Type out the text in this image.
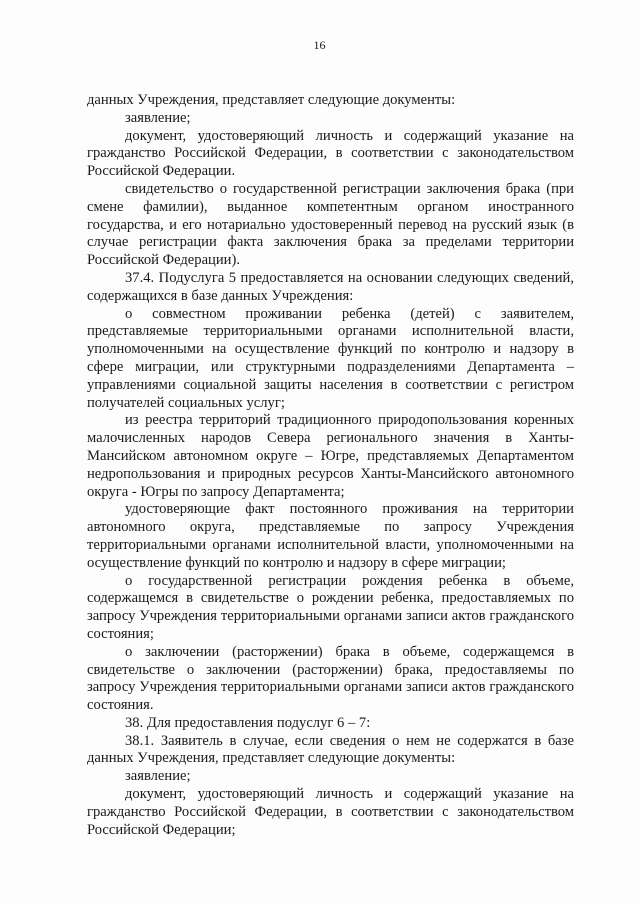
16

данных Учреждения, представляет следующие документы:

заявление;

документ, удостоверяющий личность и содержащий указание на гражданство Российской Федерации, в соответствии с законодательством Российской Федерации.

свидетельство о государственной регистрации заключения брака (при смене фамилии), выданное компетентным органом иностранного государства, и его нотариально удостоверенный перевод на русский язык (в случае регистрации факта заключения брака за пределами территории Российской Федерации).

37.4. Подуслуга 5 предоставляется на основании следующих сведений, содержащихся в базе данных Учреждения:

о совместном проживании ребенка (детей) с заявителем, представляемые территориальными органами исполнительной власти, уполномоченными на осуществление функций по контролю и надзору в сфере миграции, или структурными подразделениями Департамента – управлениями социальной защиты населения в соответствии с регистром получателей социальных услуг;

из реестра территорий традиционного природопользования коренных малочисленных народов Севера регионального значения в Ханты-Мансийском автономном округе – Югре, представляемых Департаментом недропользования и природных ресурсов Ханты-Мансийского автономного округа - Югры по запросу Департамента;

удостоверяющие факт постоянного проживания на территории автономного округа, представляемые по запросу Учреждения территориальными органами исполнительной власти, уполномоченными на осуществление функций по контролю и надзору в сфере миграции;

о государственной регистрации рождения ребенка в объеме, содержащемся в свидетельстве о рождении ребенка, предоставляемых по запросу Учреждения территориальными органами записи актов гражданского состояния;

о заключении (расторжении) брака в объеме, содержащемся в свидетельстве о заключении (расторжении) брака, предоставляемы по запросу Учреждения территориальными органами записи актов гражданского состояния.

38. Для предоставления подуслуг 6 – 7:

38.1. Заявитель в случае, если сведения о нем не содержатся в базе данных Учреждения, представляет следующие документы:

заявление;

документ, удостоверяющий личность и содержащий указание на гражданство Российской Федерации, в соответствии с законодательством Российской Федерации;
